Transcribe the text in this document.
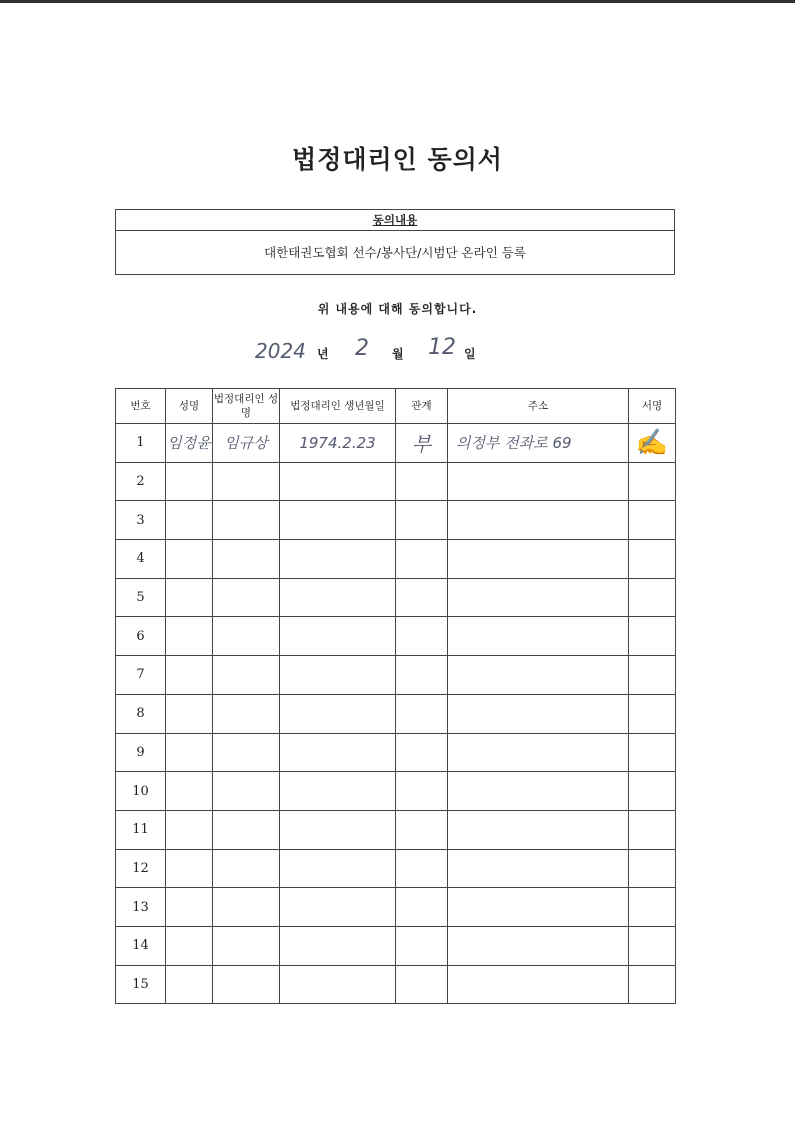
법정대리인 동의서
동의내용
대한태권도협회 선수/봉사단/시범단 온라인 등록
위 내용에 대해 동의합니다.
2024 년 2 월 12 일
번호	성명	법정대리인 성명	법정대리인 생년월일	관계	주소	서명
1	임정윤	임규상	1974.2.23	부	의정부 전좌로 69	✍
2						
3						
4						
5						
6						
7						
8						
9						
10						
11						
12						
13						
14						
15						
